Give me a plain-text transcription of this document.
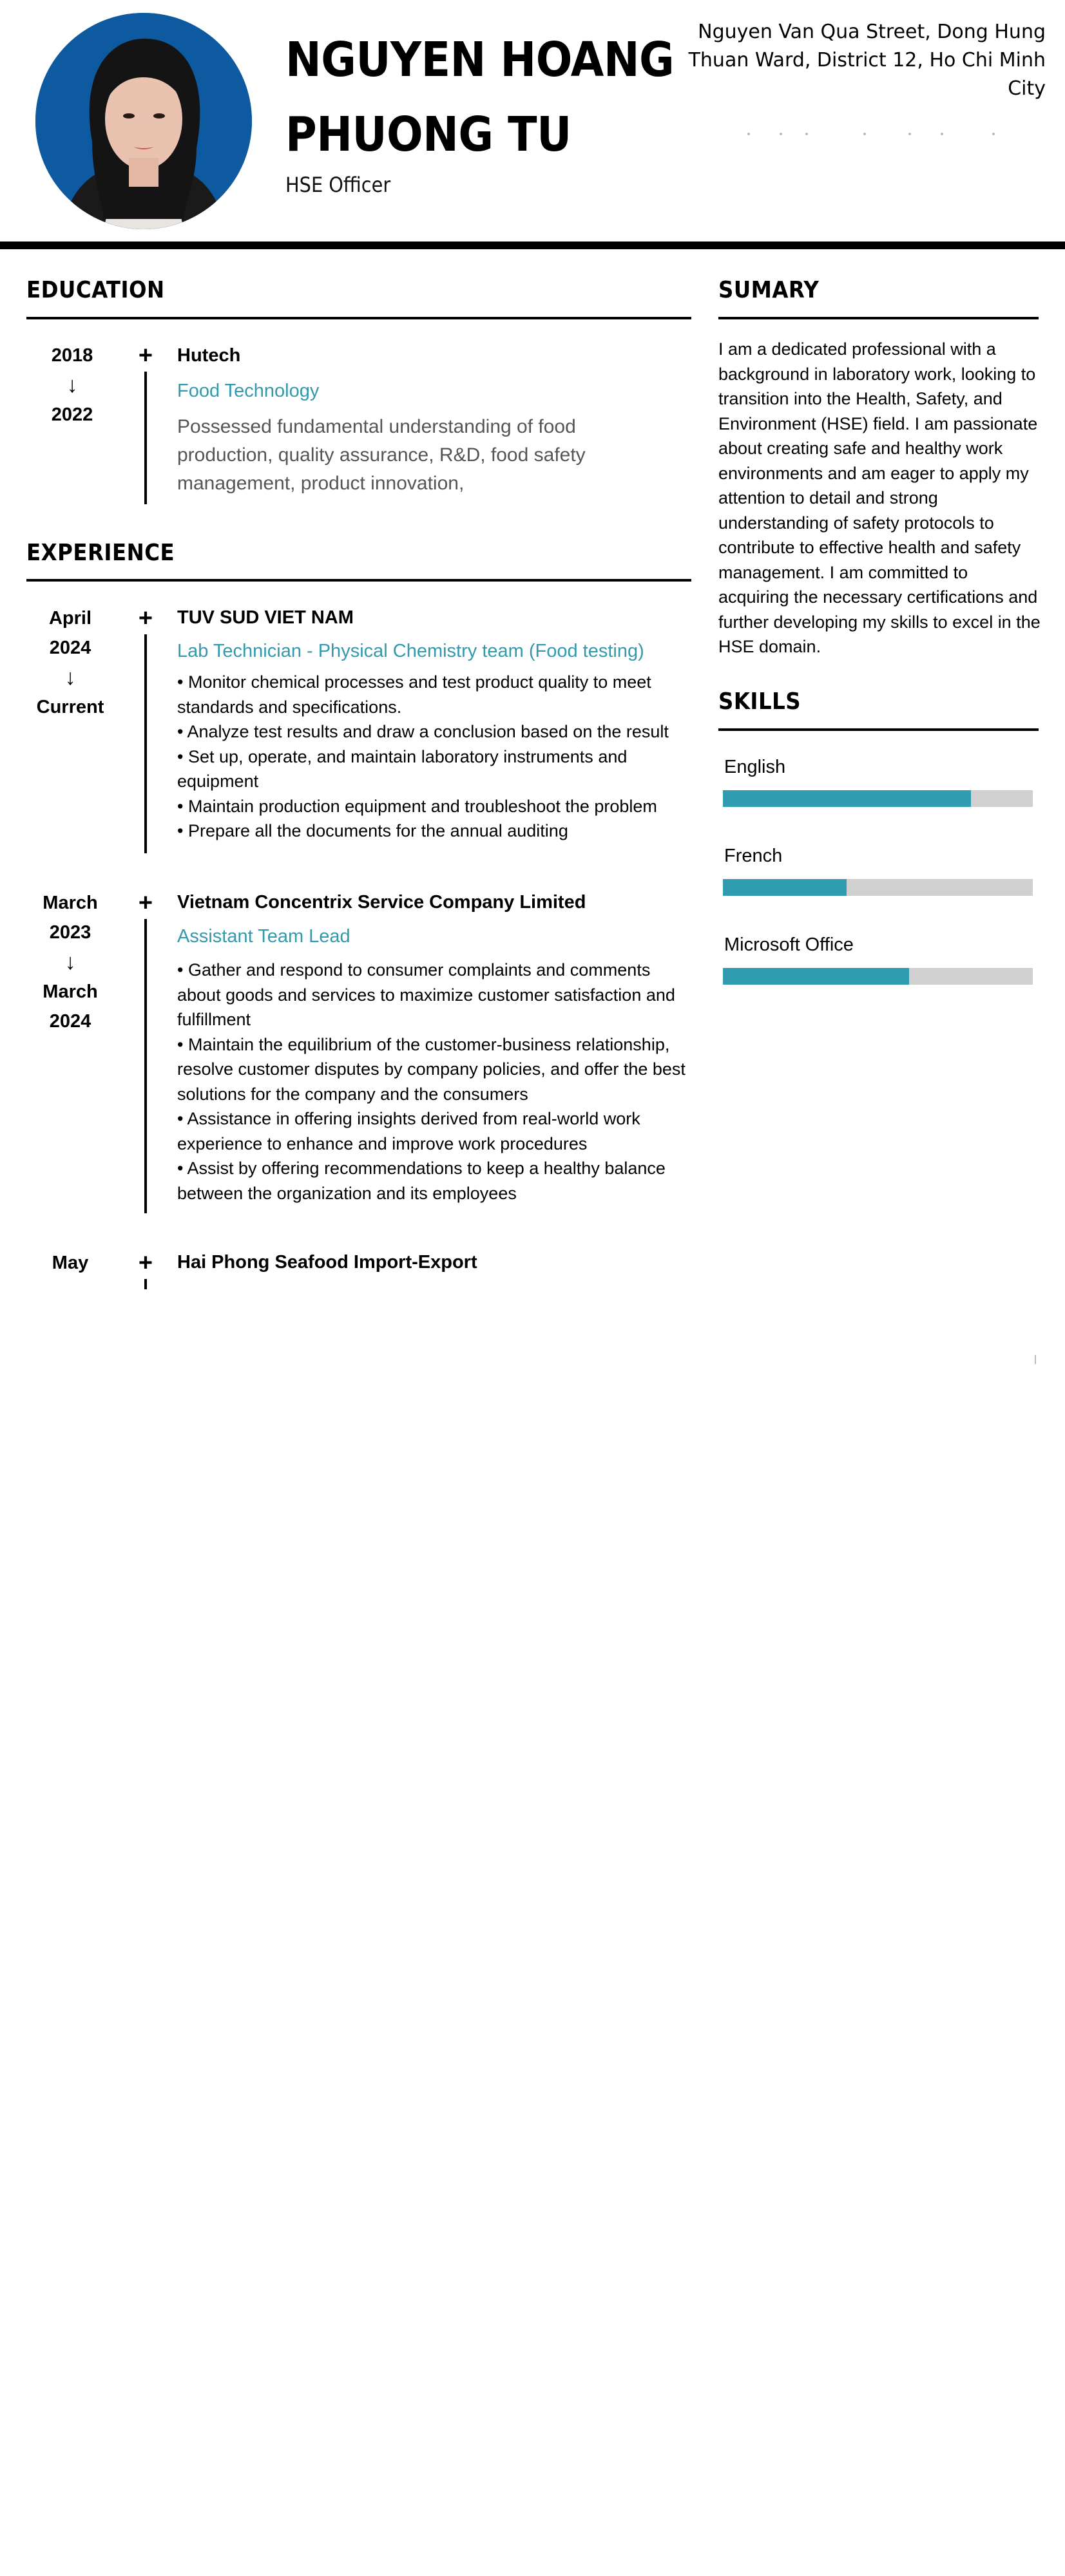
NGUYEN HOANG
PHUONG TU
HSE Officer
Nguyen Van Qua Street, Dong Hung Thuan Ward, District 12, Ho Chi Minh City
EDUCATION
2018
↓
2022
+ Hutech
Food Technology
Possessed fundamental understanding of food production, quality assurance, R&D, food safety management, product innovation,
EXPERIENCE
April
2024
↓
Current
+ TUV SUD VIET NAM
Lab Technician - Physical Chemistry team (Food testing)
• Monitor chemical processes and test product quality to meet standards and specifications.
• Analyze test results and draw a conclusion based on the result
• Set up, operate, and maintain laboratory instruments and equipment
• Maintain production equipment and troubleshoot the problem
• Prepare all the documents for the annual auditing
March
2023
↓
March
2024
+ Vietnam Concentrix Service Company Limited
Assistant Team Lead
• Gather and respond to consumer complaints and comments about goods and services to maximize customer satisfaction and fulfillment
• Maintain the equilibrium of the customer-business relationship, resolve customer disputes by company policies, and offer the best solutions for the company and the consumers
• Assistance in offering insights derived from real-world work experience to enhance and improve work procedures
• Assist by offering recommendations to keep a healthy balance between the organization and its employees
May
	+ Hai Phong Seafood Import-Export
SUMARY
I am a dedicated professional with a background in laboratory work, looking to transition into the Health, Safety, and Environment (HSE) field. I am passionate about creating safe and healthy work environments and am eager to apply my attention to detail and strong understanding of safety protocols to contribute to effective health and safety management. I am committed to acquiring the necessary certifications and further developing my skills to excel in the HSE domain.
SKILLS
English
French
Microsoft Office
